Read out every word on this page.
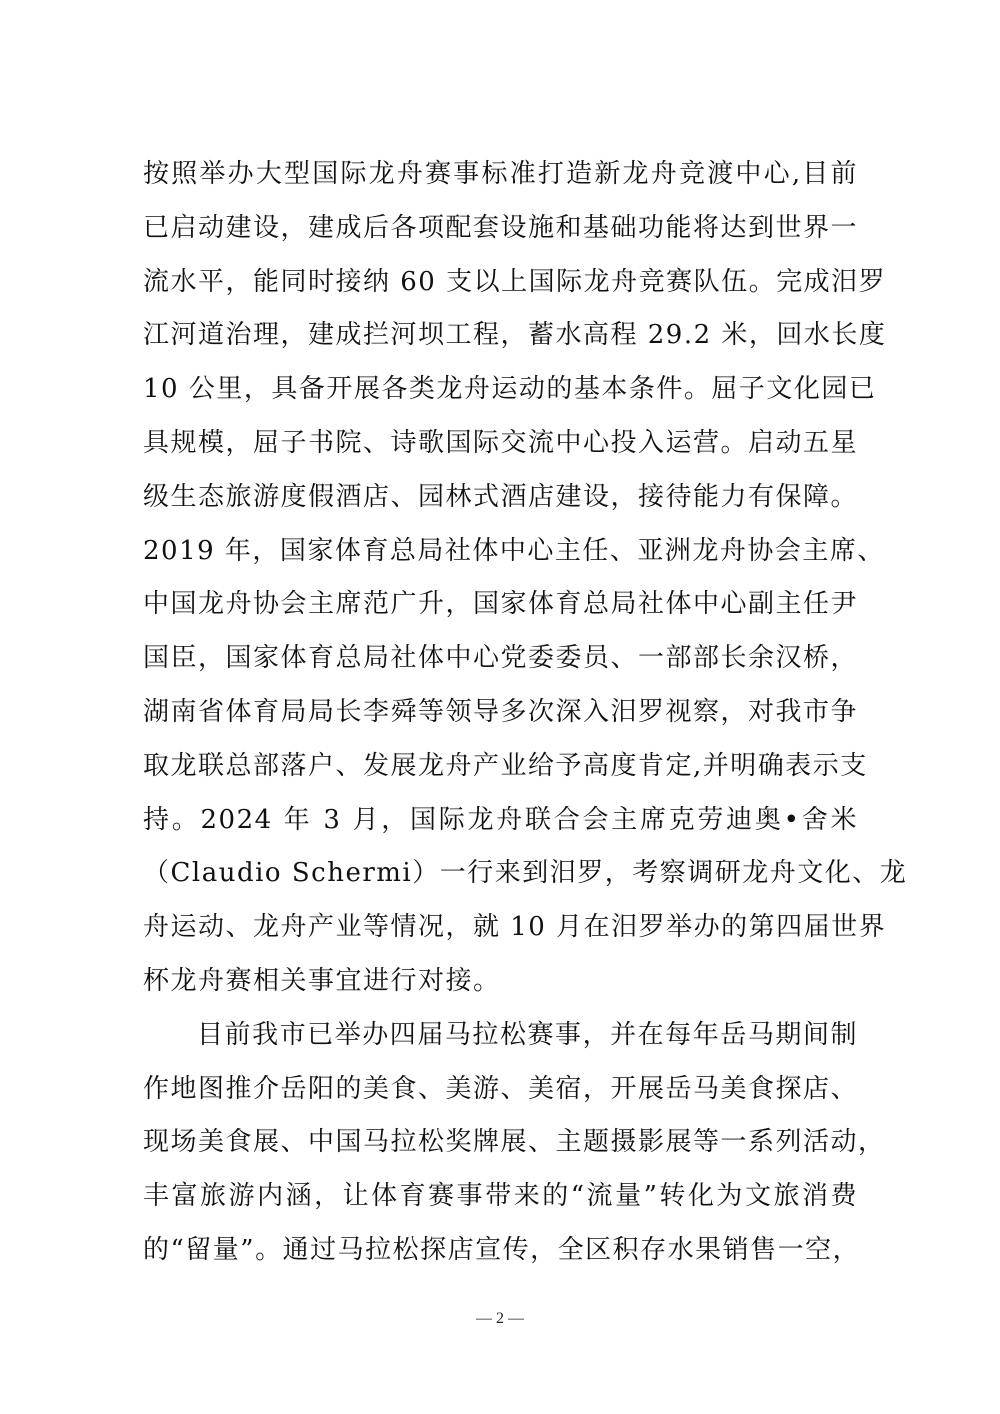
按照举办大型国际龙舟赛事标准打造新龙舟竞渡中心,目前
已启动建设，建成后各项配套设施和基础功能将达到世界一
流水平，能同时接纳 60 支以上国际龙舟竞赛队伍。完成汨罗
江河道治理，建成拦河坝工程，蓄水高程 29.2 米，回水长度
10 公里，具备开展各类龙舟运动的基本条件。屈子文化园已
具规模，屈子书院、诗歌国际交流中心投入运营。启动五星
级生态旅游度假酒店、园林式酒店建设，接待能力有保障。
2019 年，国家体育总局社体中心主任、亚洲龙舟协会主席、
中国龙舟协会主席范广升，国家体育总局社体中心副主任尹
国臣，国家体育总局社体中心党委委员、一部部长余汉桥，
湖南省体育局局长李舜等领导多次深入汨罗视察，对我市争
取龙联总部落户、发展龙舟产业给予高度肯定,并明确表示支
持。2024 年 3 月，国际龙舟联合会主席克劳迪奥•舍米
（Claudio Schermi）一行来到汨罗，考察调研龙舟文化、龙
舟运动、龙舟产业等情况，就 10 月在汨罗举办的第四届世界
杯龙舟赛相关事宜进行对接。
目前我市已举办四届马拉松赛事，并在每年岳马期间制
作地图推介岳阳的美食、美游、美宿，开展岳马美食探店、
现场美食展、中国马拉松奖牌展、主题摄影展等一系列活动，
丰富旅游内涵，让体育赛事带来的“流量”转化为文旅消费
的“留量”。通过马拉松探店宣传，全区积存水果销售一空，
— 2 —
